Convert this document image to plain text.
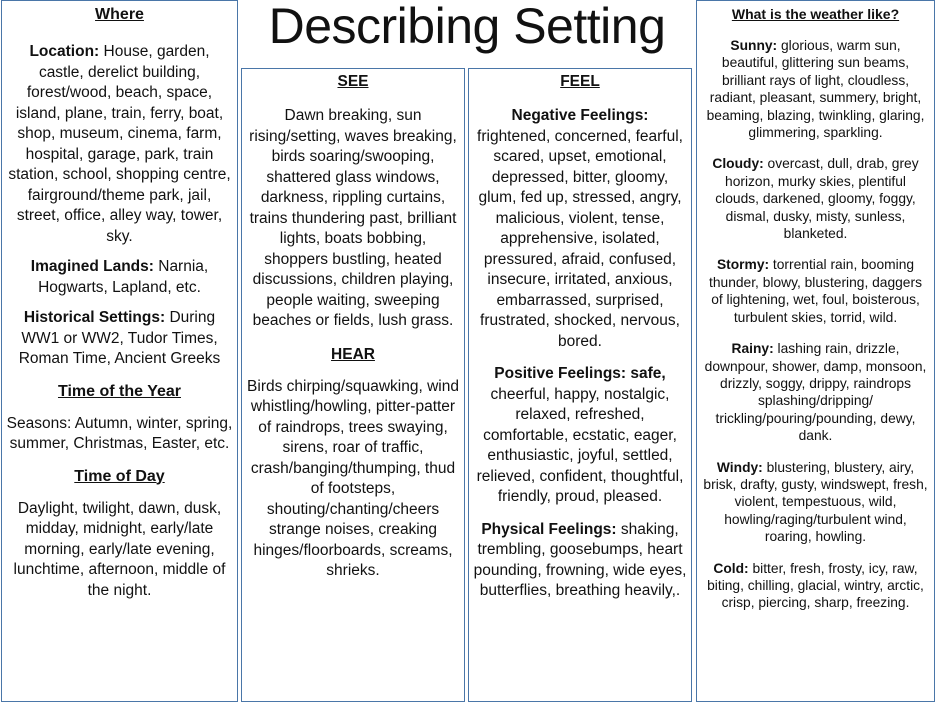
Describing Setting
Where

Location: House, garden, castle, derelict building, forest/wood, beach, space, island, plane, train, ferry, boat, shop, museum, cinema, farm, hospital, garage, park, train station, school, shopping centre, fairground/theme park, jail, street, office, alley way, tower, sky.

Imagined Lands: Narnia, Hogwarts, Lapland, etc.

Historical Settings: During WW1 or WW2, Tudor Times, Roman Time, Ancient Greeks

Time of the Year

Seasons: Autumn, winter, spring, summer, Christmas, Easter, etc.

Time of Day

Daylight, twilight, dawn, dusk, midday, midnight, early/late morning, early/late evening, lunchtime, afternoon, middle of the night.

SEE

Dawn breaking, sun rising/setting, waves breaking, birds soaring/swooping, shattered glass windows, darkness, rippling curtains, trains thundering past, brilliant lights, boats bobbing, shoppers bustling, heated discussions, children playing, people waiting, sweeping beaches or fields, lush grass.

HEAR

Birds chirping/squawking, wind whistling/howling, pitter-patter of raindrops, trees swaying, sirens, roar of traffic, crash/banging/thumping, thud of footsteps, shouting/chanting/cheers strange noises, creaking hinges/floorboards, screams, shrieks.

FEEL
Negative Feelings:

frightened, concerned, fearful, scared, upset, emotional, depressed, bitter, gloomy, glum, fed up, stressed, angry, malicious, violent, tense, apprehensive, isolated, pressured, afraid, confused, insecure, irritated, anxious, embarrassed, surprised, frustrated, shocked, nervous, bored.

Positive Feelings: safe,

cheerful, happy, nostalgic, relaxed, refreshed, comfortable, ecstatic, eager, enthusiastic, joyful, settled, relieved, confident, thoughtful, friendly, proud, pleased.

Physical Feelings: shaking, trembling, goosebumps, heart pounding, frowning, wide eyes, butterflies, breathing heavily,.

What is the weather like?

Sunny: glorious, warm sun, beautiful, glittering sun beams, brilliant rays of light, cloudless, radiant, pleasant, summery, bright, beaming, blazing, twinkling, glaring, glimmering, sparkling.

Cloudy: overcast, dull, drab, grey horizon, murky skies, plentiful clouds, darkened, gloomy, foggy, dismal, dusky, misty, sunless, blanketed.

Stormy: torrential rain, booming thunder, blowy, blustering, daggers of lightening, wet, foul, boisterous, turbulent skies, torrid, wild.

Rainy: lashing rain, drizzle, downpour, shower, damp, monsoon, drizzly, soggy, drippy, raindrops splashing/dripping/ trickling/pouring/pounding, dewy, dank.

Windy: blustering, blustery, airy, brisk, drafty, gusty, windswept, fresh, violent, tempestuous, wild, howling/raging/turbulent wind, roaring, howling.

Cold: bitter, fresh, frosty, icy, raw, biting, chilling, glacial, wintry, arctic, crisp, piercing, sharp, freezing.
